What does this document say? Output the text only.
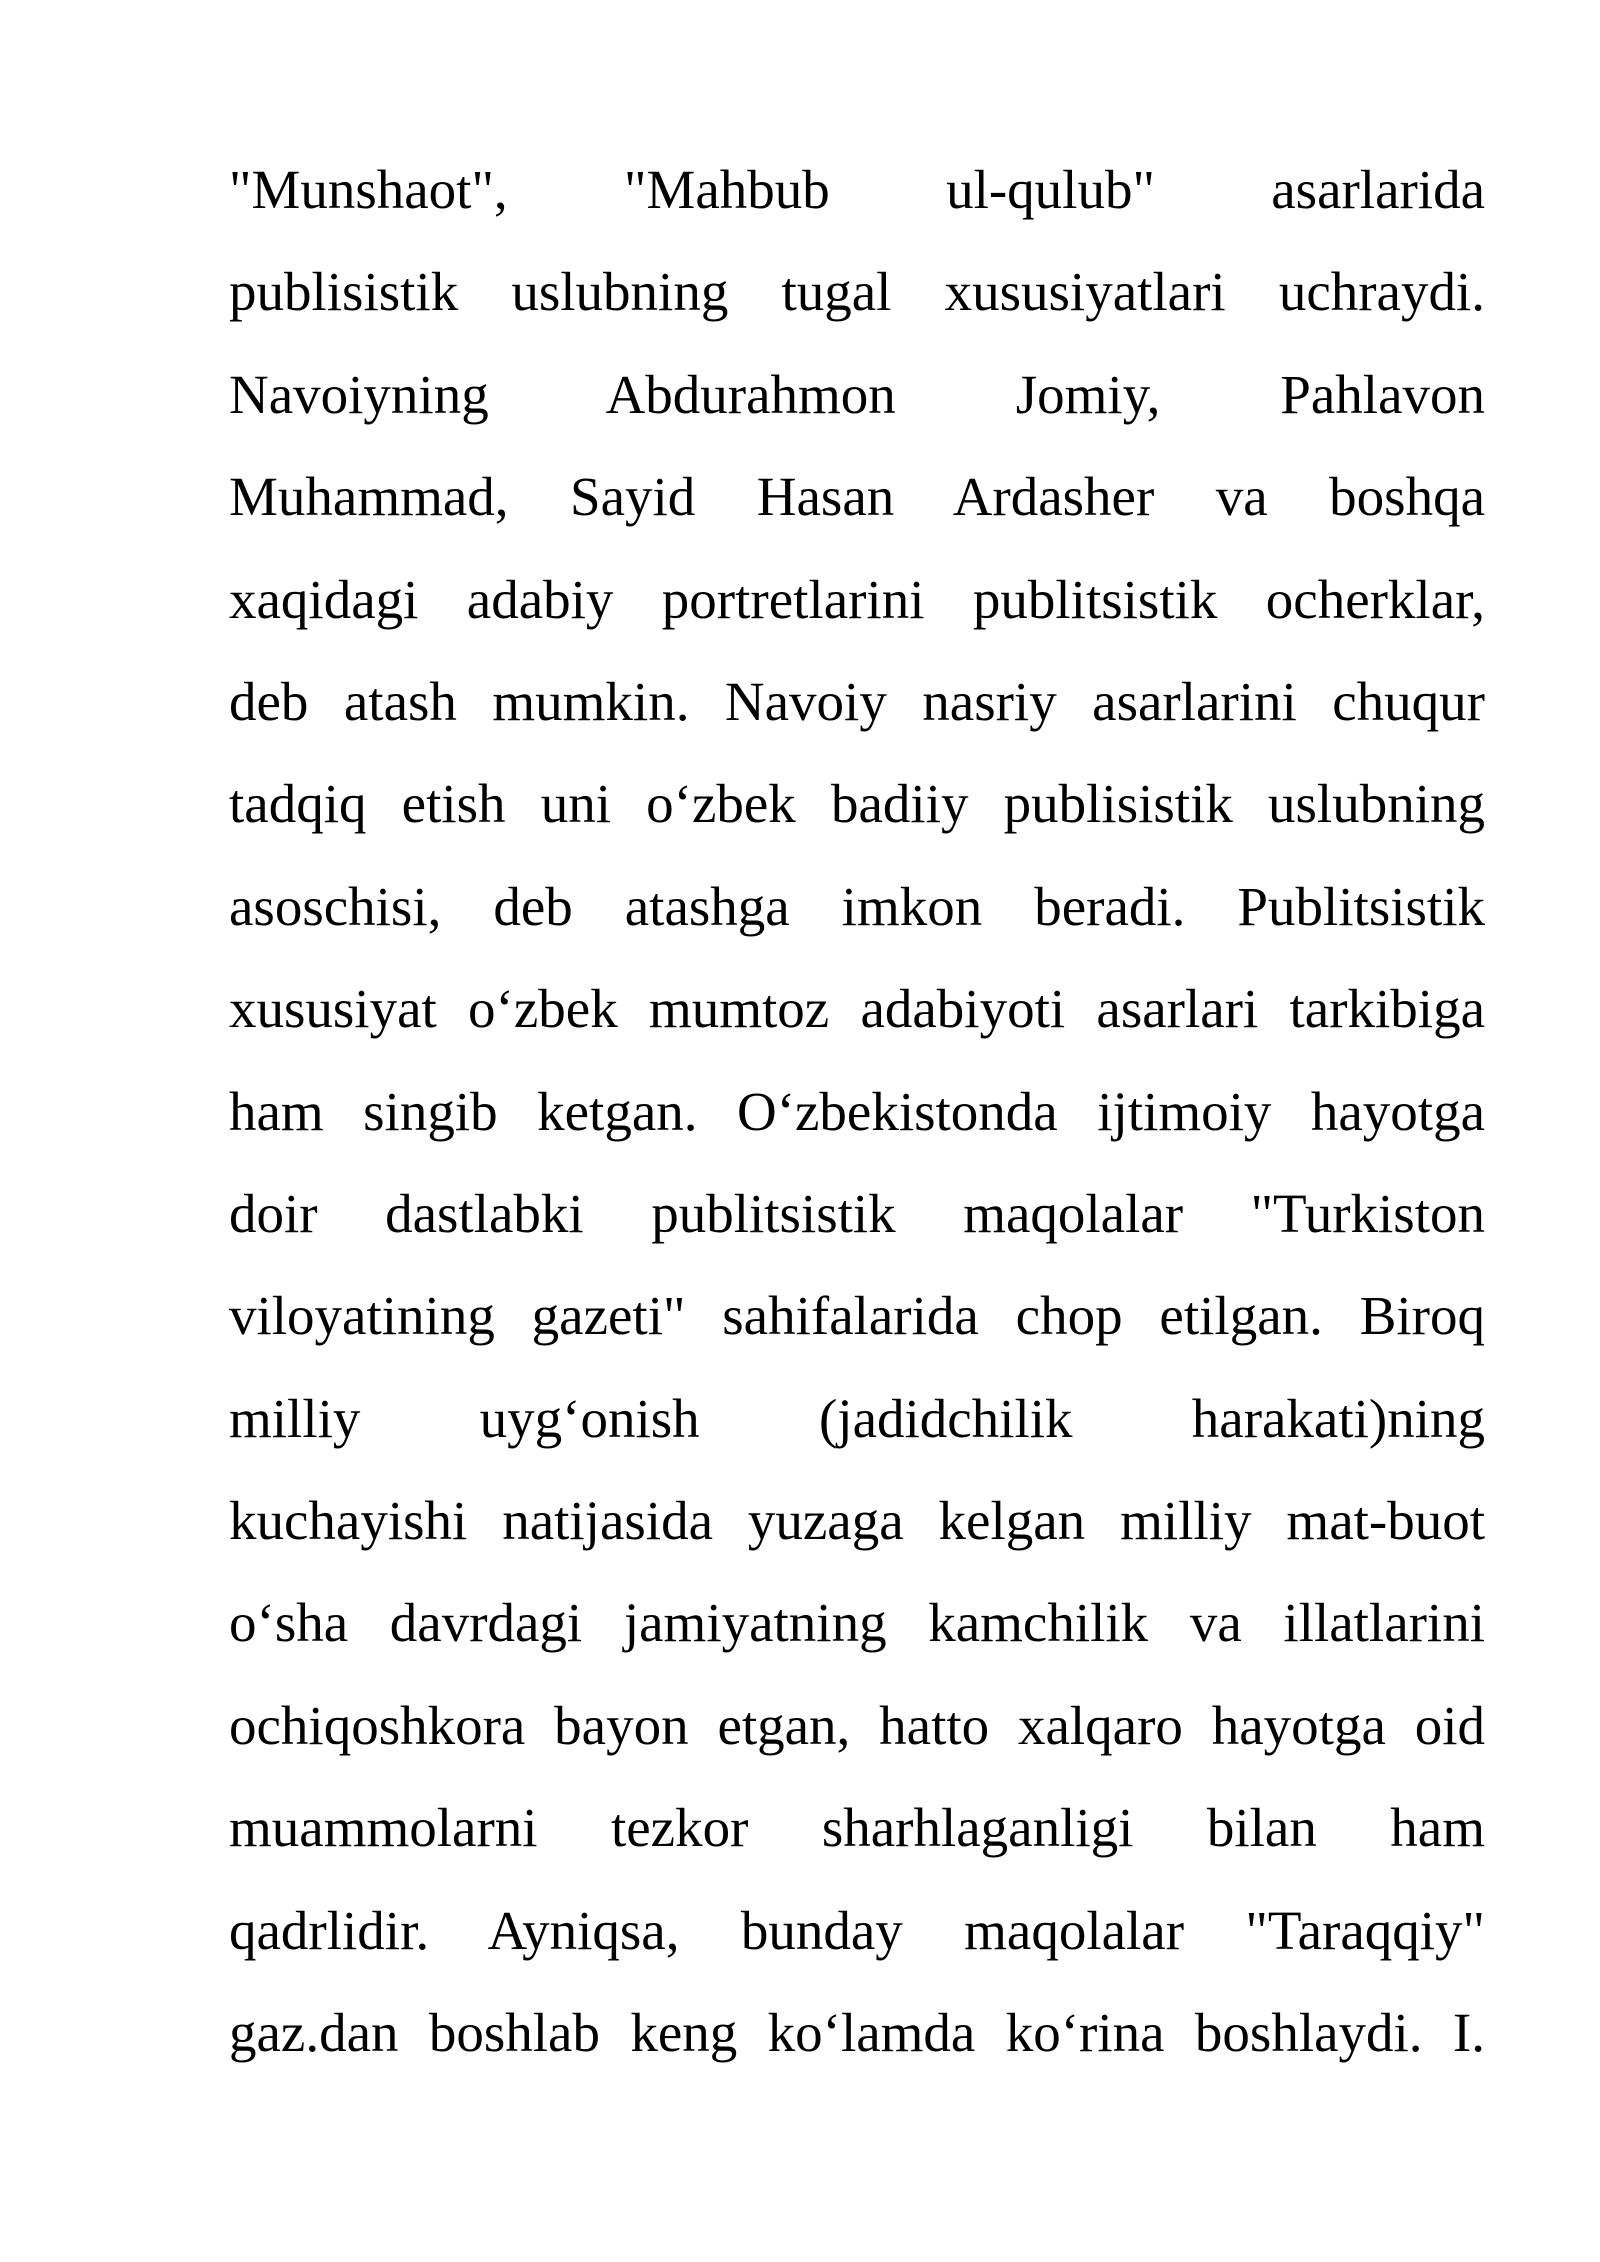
"Munshaot", "Mahbub ul-qulub" asarlarida
publisistik uslubning tugal xususiyatlari uchraydi.
Navoiyning Abdurahmon Jomiy, Pahlavon
Muhammad, Sayid Hasan Ardasher va boshqa
xaqidagi adabiy portretlarini publitsistik ocherklar,
deb atash mumkin. Navoiy nasriy asarlarini chuqur
tadqiq etish uni oʻzbek badiiy publisistik uslubning
asoschisi, deb atashga imkon beradi. Publitsistik
xususiyat oʻzbek mumtoz adabiyoti asarlari tarkibiga
ham singib ketgan. Oʻzbekistonda ijtimoiy hayotga
doir dastlabki publitsistik maqolalar "Turkiston
viloyatining gazeti" sahifalarida chop etilgan. Biroq
milliy uygʻonish (jadidchilik harakati)ning
kuchayishi natijasida yuzaga kelgan milliy mat-buot
oʻsha davrdagi jamiyatning kamchilik va illatlarini
ochiqoshkora bayon etgan, hatto xalqaro hayotga oid
muammolarni tezkor sharhlaganligi bilan ham
qadrlidir. Ayniqsa, bunday maqolalar "Taraqqiy"
gaz.dan boshlab keng koʻlamda koʻrina boshlaydi. I.
